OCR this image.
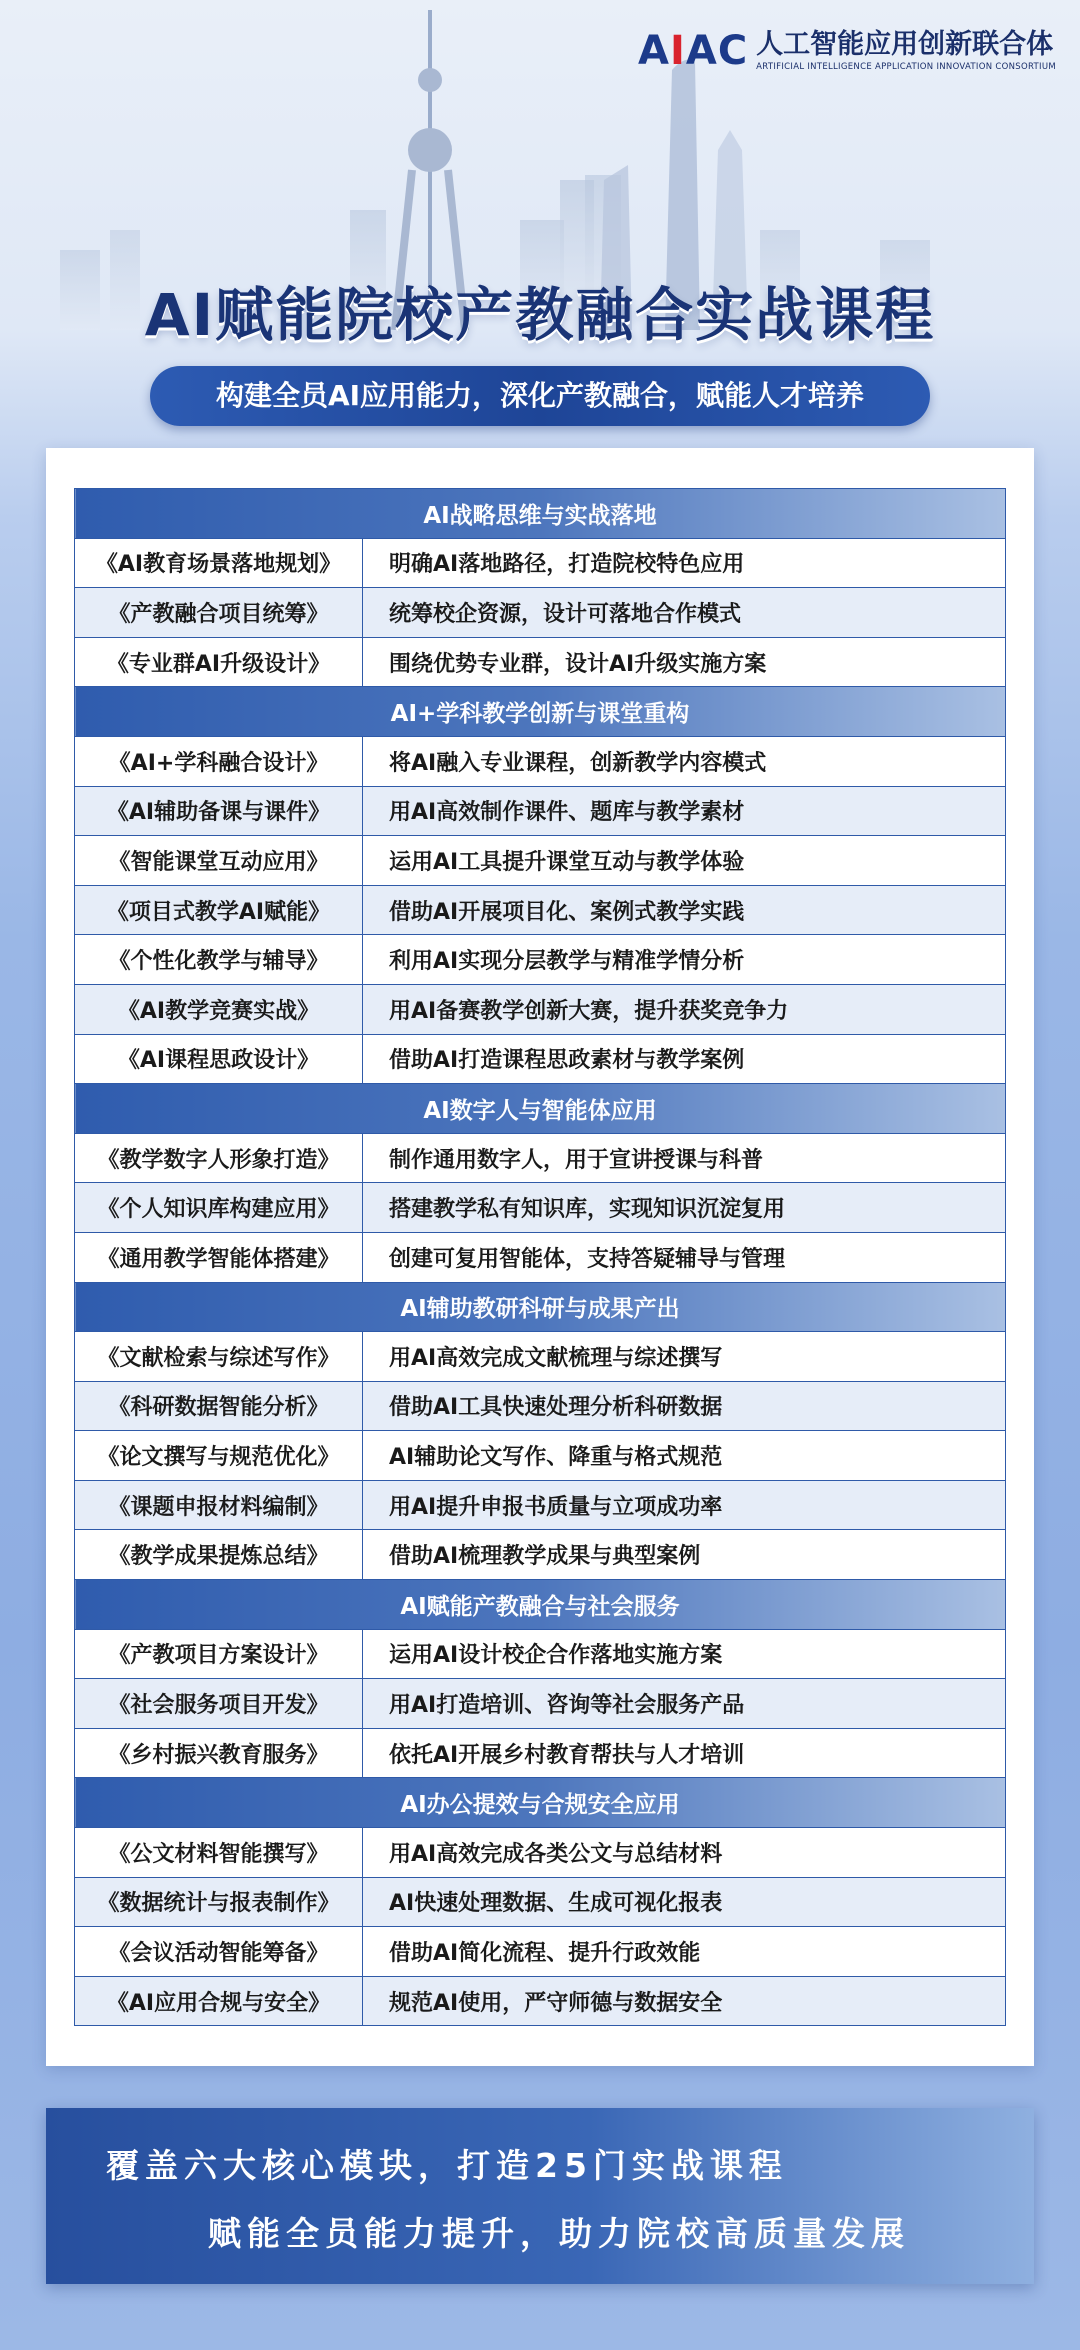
AIAC 人工智能应用创新联合体
ARTIFICIAL INTELLIGENCE APPLICATION INNOVATION CONSORTIUM
AI赋能院校产教融合实战课程
构建全员AI应用能力，深化产教融合，赋能人才培养
AI战略思维与实战落地	
《AI教育场景落地规划》	明确AI落地路径，打造院校特色应用
《产教融合项目统筹》	统筹校企资源，设计可落地合作模式
《专业群AI升级设计》	围绕优势专业群，设计AI升级实施方案
AI+学科教学创新与课堂重构	
《AI+学科融合设计》	将AI融入专业课程，创新教学内容模式
《AI辅助备课与课件》	用AI高效制作课件、题库与教学素材
《智能课堂互动应用》	运用AI工具提升课堂互动与教学体验
《项目式教学AI赋能》	借助AI开展项目化、案例式教学实践
《个性化教学与辅导》	利用AI实现分层教学与精准学情分析
《AI教学竞赛实战》	用AI备赛教学创新大赛，提升获奖竞争力
《AI课程思政设计》	借助AI打造课程思政素材与教学案例
AI数字人与智能体应用	
《教学数字人形象打造》	制作通用数字人，用于宣讲授课与科普
《个人知识库构建应用》	搭建教学私有知识库，实现知识沉淀复用
《通用教学智能体搭建》	创建可复用智能体，支持答疑辅导与管理
AI辅助教研科研与成果产出	
《文献检索与综述写作》	用AI高效完成文献梳理与综述撰写
《科研数据智能分析》	借助AI工具快速处理分析科研数据
《论文撰写与规范优化》	AI辅助论文写作、降重与格式规范
《课题申报材料编制》	用AI提升申报书质量与立项成功率
《教学成果提炼总结》	借助AI梳理教学成果与典型案例
AI赋能产教融合与社会服务	
《产教项目方案设计》	运用AI设计校企合作落地实施方案
《社会服务项目开发》	用AI打造培训、咨询等社会服务产品
《乡村振兴教育服务》	依托AI开展乡村教育帮扶与人才培训
AI办公提效与合规安全应用	
《公文材料智能撰写》	用AI高效完成各类公文与总结材料
《数据统计与报表制作》	AI快速处理数据、生成可视化报表
《会议活动智能筹备》	借助AI简化流程、提升行政效能
《AI应用合规与安全》	规范AI使用，严守师德与数据安全
覆盖六大核心模块，打造25门实战课程
赋能全员能力提升，助力院校高质量发展
